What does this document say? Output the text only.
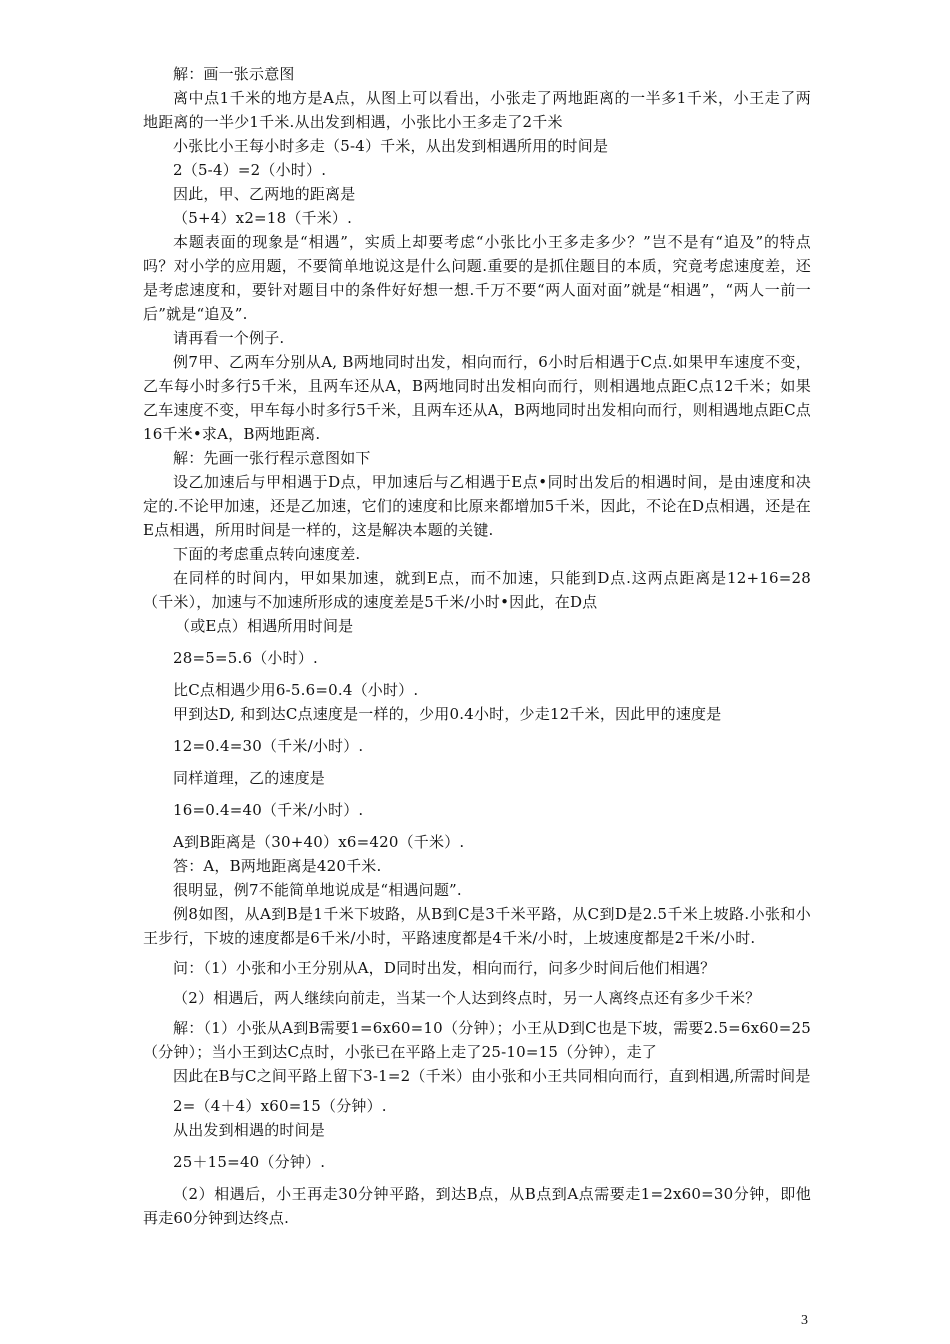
解：画一张示意图

离中点1千米的地方是A点，从图上可以看出，小张走了两地距离的一半多1千米，小王走了两地距离的一半少1千米.从出发到相遇，小张比小王多走了2千米

小张比小王每小时多走（5-4）千米，从出发到相遇所用的时间是

2（5-4）=2（小时）.

因此，甲、乙两地的距离是

（5+4）x2=18（千米）.

本题表面的现象是“相遇”，实质上却要考虑“小张比小王多走多少？”岂不是有“追及”的特点吗？对小学的应用题，不要简单地说这是什么问题.重要的是抓住题目的本质，究竟考虑速度差，还是考虑速度和，要针对题目中的条件好好想一想.千万不要“两人面对面”就是“相遇”，“两人一前一后”就是“追及”.

请再看一个例子.

例7甲、乙两车分别从A, B两地同时出发，相向而行，6小时后相遇于C点.如果甲车速度不变，乙车每小时多行5千米，且两车还从A，B两地同时出发相向而行，则相遇地点距C点12千米；如果乙车速度不变，甲车每小时多行5千米，且两车还从A，B两地同时出发相向而行，则相遇地点距C点16千米•求A，B两地距离.

解：先画一张行程示意图如下

设乙加速后与甲相遇于D点，甲加速后与乙相遇于E点•同时出发后的相遇时间，是由速度和决定的.不论甲加速，还是乙加速，它们的速度和比原来都增加5千米，因此，不论在D点相遇，还是在E点相遇，所用时间是一样的，这是解决本题的关键.

下面的考虑重点转向速度差.

在同样的时间内，甲如果加速，就到E点，而不加速，只能到D点.这两点距离是12+16=28（千米），加速与不加速所形成的速度差是5千米/小时•因此，在D点

（或E点）相遇所用时间是

28=5=5.6（小时）.

比C点相遇少用6-5.6=0.4（小时）.

甲到达D, 和到达C点速度是一样的，少用0.4小时，少走12千米，因此甲的速度是

12=0.4=30（千米/小时）.

同样道理，乙的速度是

16=0.4=40（千米/小时）.

A到B距离是（30+40）x6=420（千米）.

答：A，B两地距离是420千米.

很明显，例7不能简单地说成是“相遇问题”.

例8如图，从A到B是1千米下坡路，从B到C是3千米平路，从C到D是2.5千米上坡路.小张和小王步行，下坡的速度都是6千米/小时，平路速度都是4千米/小时，上坡速度都是2千米/小时.

问：（1）小张和小王分别从A，D同时出发，相向而行，问多少时间后他们相遇？

（2）相遇后，两人继续向前走，当某一个人达到终点时，另一人离终点还有多少千米？

解：（1）小张从A到B需要1=6x60=10（分钟）；小王从D到C也是下坡，需要2.5=6x60=25（分钟）；当小王到达C点时，小张已在平路上走了25-10=15（分钟），走了

因此在B与C之间平路上留下3-1=2（千米）由小张和小王共同相向而行，直到相遇,所需时间是

2=（4＋4）x60=15（分钟）.

从出发到相遇的时间是

25＋15=40（分钟）.

（2）相遇后，小王再走30分钟平路，到达B点，从B点到A点需要走1=2x60=30分钟，即他再走60分钟到达终点.

3
